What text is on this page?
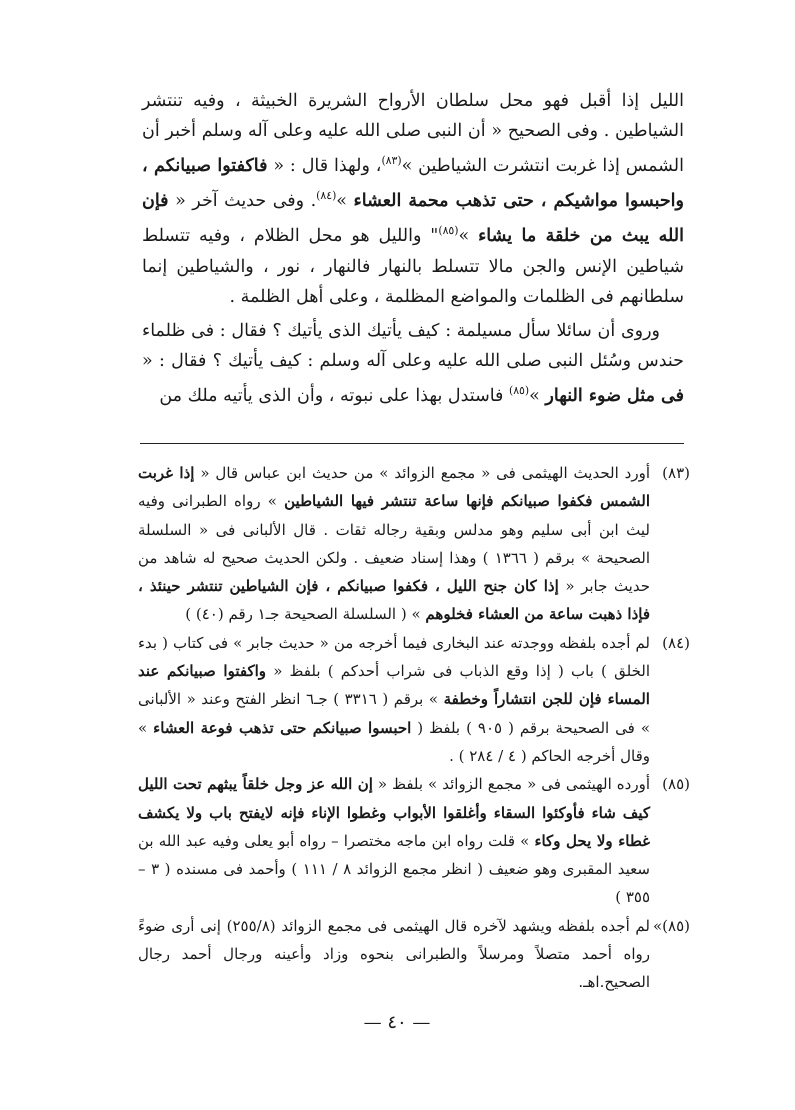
الليل إذا أقبل فهو محل سلطان الأرواح الشريرة الخبيثة ، وفيه تنتشر الشياطين . وفى الصحيح « أن النبى صلى الله عليه وعلى آله وسلم أخبر أن الشمس إذا غربت انتشرت الشياطين »$^{(٨٣)}$، ولهذا قال : « فاكفتوا صبيانكم ، واحبسوا مواشيكم ، حتى تذهب محمة العشاء »$^{(٨٤)}$. وفى حديث آخر « فإن الله يبث من خلقة ما يشاء »$^{(٨٥)}$" والليل هو محل الظلام ، وفيه تتسلط شياطين الإنس والجن مالا تتسلط بالنهار فالنهار ، نور ، والشياطين إنما سلطانهم فى الظلمات والمواضع المظلمة ، وعلى أهل الظلمة .

وروى أن سائلا سأل مسيلمة : كيف يأتيك الذى يأتيك ؟ فقال : فى ظلماء حندس وسُئل النبى صلى الله عليه وعلى آله وسلم : كيف يأتيك ؟ فقال : « فى مثل ضوء النهار »$^{(٨٥)}$ فاستدل بهذا على نبوته ، وأن الذى يأتيه ملك من

(٨٣)
أورد الحديث الهيثمى فى « مجمع الزوائد » من حديث ابن عباس قال « إذا غربت الشمس فكفوا صبيانكم فإنها ساعة تنتشر فيها الشياطين » رواه الطبرانى وفيه ليث ابن أبى سليم وهو مدلس وبقية رجاله ثقات . قال الألبانى فى « السلسلة الصحيحة » برقم ( ١٣٦٦ ) وهذا إسناد ضعيف . ولكن الحديث صحيح له شاهد من حديث جابر « إذا كان جنح الليل ، فكفوا صبيانكم ، فإن الشياطين تنتشر حينئذ ، فإذا ذهبت ساعة من العشاء فخلوهم » ( السلسلة الصحيحة جـ١ رقم (٤٠) )
(٨٤)
لم أجده بلفظه ووجدته عند البخارى فيما أخرجه من « حديث جابر » فى كتاب ( بدء الخلق ) باب ( إذا وقع الذباب فى شراب أحدكم ) بلفظ « واكفتوا صبيانكم عند المساء فإن للجن انتشاراً وخطفة » برقم ( ٣٣١٦ ) جـ٦ انظر الفتح وعند « الألبانى » فى الصحيحة برقم ( ٩٠٥ ) بلفظ ( احبسوا صبيانكم حتى تذهب فوعة العشاء » وقال أخرجه الحاكم ( ٤ / ٢٨٤ ) .
(٨٥)
أورده الهيثمى فى « مجمع الزوائد » بلفظ « إن الله عز وجل خلقاً يبثهم تحت الليل كيف شاء فأوكئوا السقاء وأغلقوا الأبواب وغطوا الإناء فإنه لايفتح باب ولا يكشف غطاء ولا يحل وكاء » قلت رواه ابن ماجه مختصرا – رواه أبو يعلى وفيه عبد الله بن سعيد المقبرى وهو ضعيف ( انظر مجمع الزوائد ٨ / ١١١ ) وأحمد فى مسنده ( ٣ – ٣٥٥ )
(٨٥)»
لم أجده بلفظه ويشهد لآخره قال الهيثمى فى مجمع الزوائد (٢٥٥/٨) إنى أرى ضوءً رواه أحمد متصلاً ومرسلاً والطبرانى بنحوه وزاد وأعينه ورجال أحمد رجال الصحيح.اهـ.
— ٤٠ —
